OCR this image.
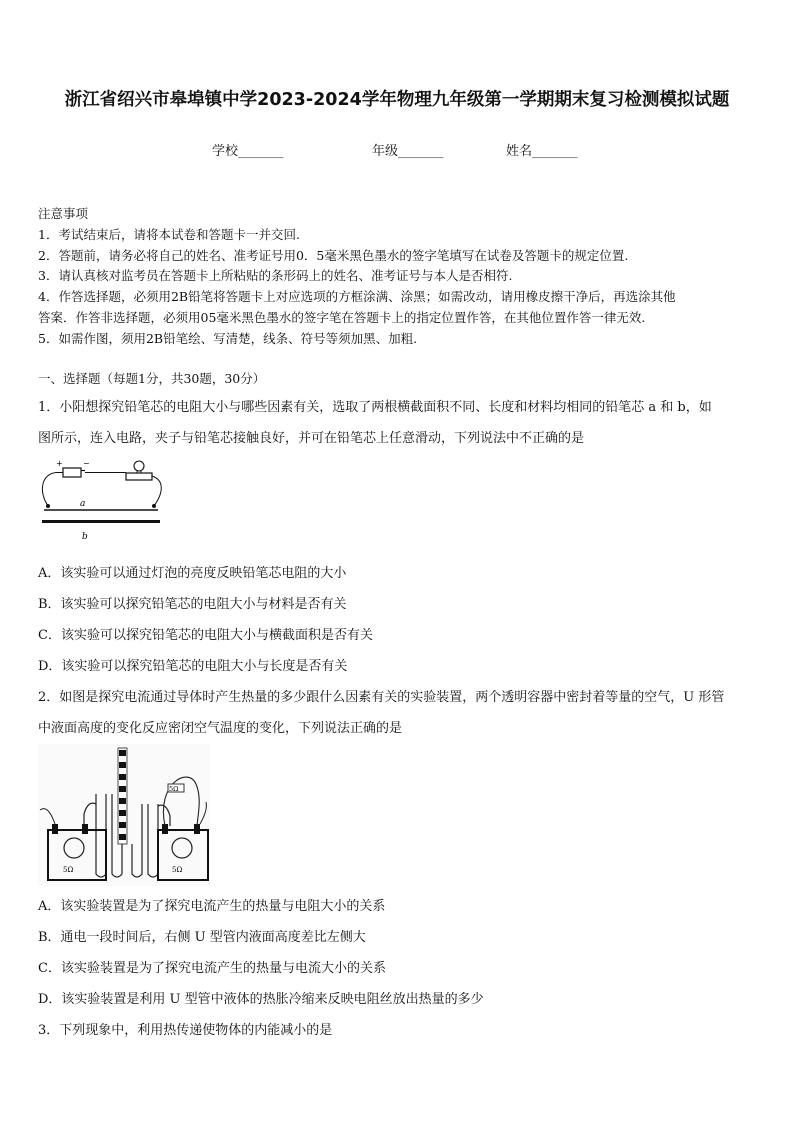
浙江省绍兴市皋埠镇中学2023-2024学年物理九年级第一学期期末复习检测模拟试题
学校_______	年级_______	姓名_______
注意事项
1．考试结束后，请将本试卷和答题卡一并交回.
2．答题前，请务必将自己的姓名、准考证号用0．5毫米黑色墨水的签字笔填写在试卷及答题卡的规定位置.
3．请认真核对监考员在答题卡上所粘贴的条形码上的姓名、准考证号与本人是否相符.
4．作答选择题，必须用2B铅笔将答题卡上对应选项的方框涂满、涂黑；如需改动，请用橡皮擦干净后，再选涂其他
答案．作答非选择题，必须用05毫米黑色墨水的签字笔在答题卡上的指定位置作答，在其他位置作答一律无效.
5．如需作图，须用2B铅笔绘、写清楚，线条、符号等须加黑、加粗.
一、选择题（每题1分，共30题，30分）
1．小阳想探究铅笔芯的电阻大小与哪些因素有关，选取了两根横截面积不同、长度和材料均相同的铅笔芯 a 和 b，如
图所示，连入电路，夹子与铅笔芯接触良好，并可在铅笔芯上任意滑动，下列说法中不正确的是
+	−
a
b
A．该实验可以通过灯泡的亮度反映铅笔芯电阻的大小
B．该实验可以探究铅笔芯的电阻大小与材料是否有关
C．该实验可以探究铅笔芯的电阻大小与横截面积是否有关
D．该实验可以探究铅笔芯的电阻大小与长度是否有关
2．如图是探究电流通过导体时产生热量的多少跟什么因素有关的实验装置，两个透明容器中密封着等量的空气，U 形管
中液面高度的变化反应密闭空气温度的变化，下列说法正确的是
5Ω	5Ω
5Ω
A．该实验装置是为了探究电流产生的热量与电阻大小的关系
B．通电一段时间后，右侧 U 型管内液面高度差比左侧大
C．该实验装置是为了探究电流产生的热量与电流大小的关系
D．该实验装置是利用 U 型管中液体的热胀冷缩来反映电阻丝放出热量的多少
3．下列现象中，利用热传递使物体的内能减小的是
